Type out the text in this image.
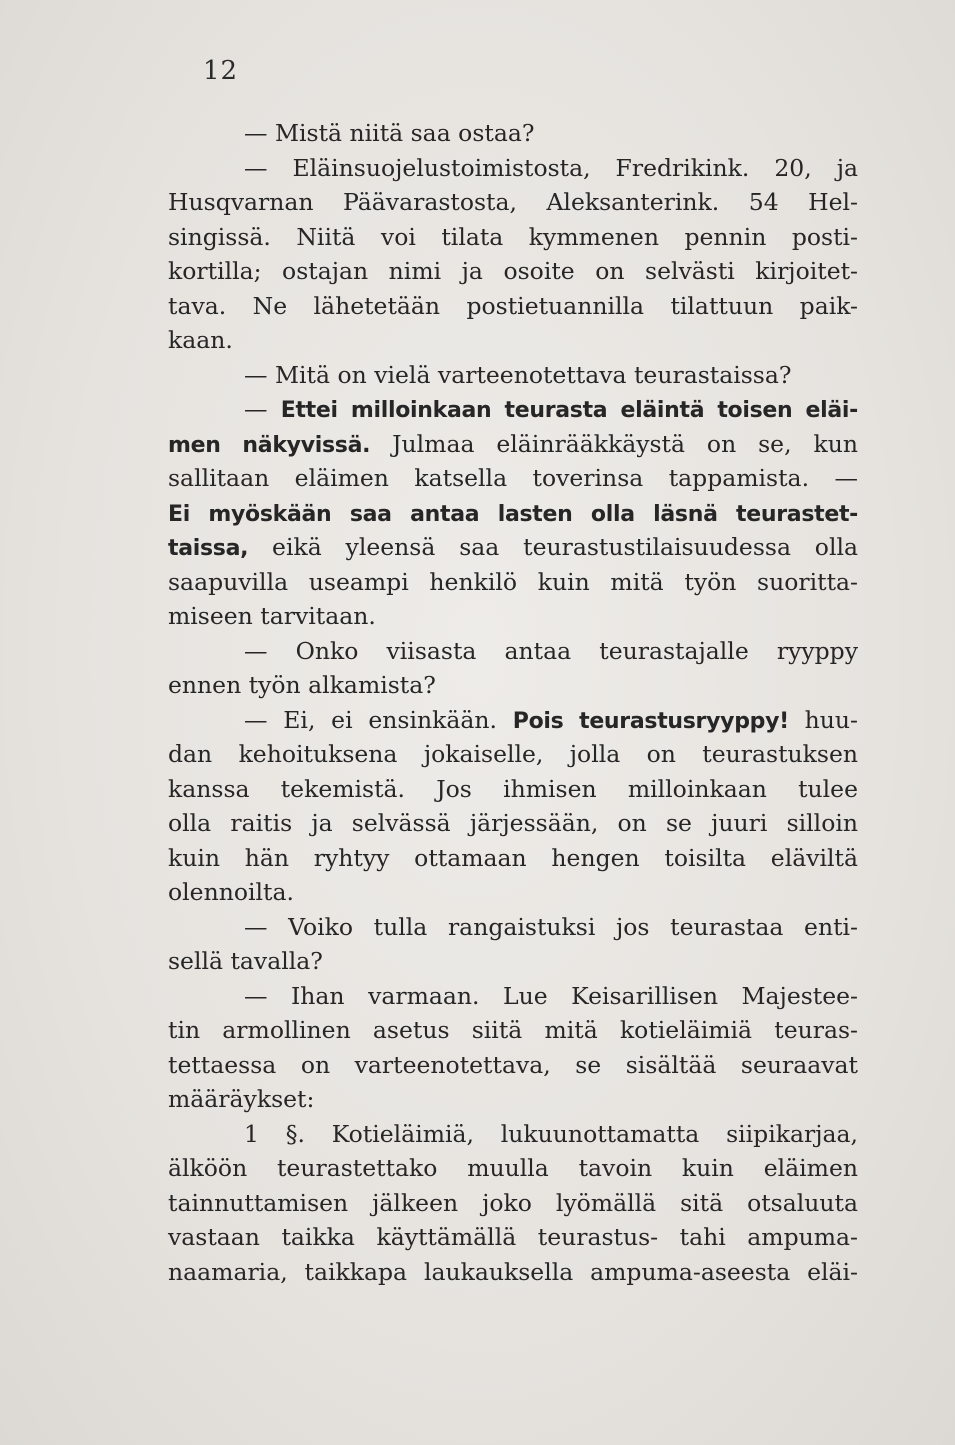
12
— Mistä niitä saa ostaa?
— Eläinsuojelustoimistosta, Fredrikink. 20, ja
Husqvarnan Päävarastosta, Aleksanterink. 54 Hel-
singissä. Niitä voi tilata kymmenen pennin posti-
kortilla; ostajan nimi ja osoite on selvästi kirjoitet-
tava. Ne lähetetään postietuannilla tilattuun paik-
kaan.
— Mitä on vielä varteenotettava teurastaissa?
— Ettei milloinkaan teurasta eläintä toisen eläi-
men näkyvissä. Julmaa eläinrääkkäystä on se, kun
sallitaan eläimen katsella toverinsa tappamista. —
Ei myöskään saa antaa lasten olla läsnä teurastet-
taissa, eikä yleensä saa teurastustilaisuudessa olla
saapuvilla useampi henkilö kuin mitä työn suoritta-
miseen tarvitaan.
— Onko viisasta antaa teurastajalle ryyppy
ennen työn alkamista?
— Ei, ei ensinkään. Pois teurastusryyppy! huu-
dan kehoituksena jokaiselle, jolla on teurastuksen
kanssa tekemistä. Jos ihmisen milloinkaan tulee
olla raitis ja selvässä järjessään, on se juuri silloin
kuin hän ryhtyy ottamaan hengen toisilta eläviltä
olennoilta.
— Voiko tulla rangaistuksi jos teurastaa enti-
sellä tavalla?
— Ihan varmaan. Lue Keisarillisen Majestee-
tin armollinen asetus siitä mitä kotieläimiä teuras-
tettaessa on varteenotettava, se sisältää seuraavat
määräykset:
1 §. Kotieläimiä, lukuunottamatta siipikarjaa,
älköön teurastettako muulla tavoin kuin eläimen
tainnuttamisen jälkeen joko lyömällä sitä otsaluuta
vastaan taikka käyttämällä teurastus- tahi ampuma-
naamaria, taikkapa laukauksella ampuma-aseesta eläi-
